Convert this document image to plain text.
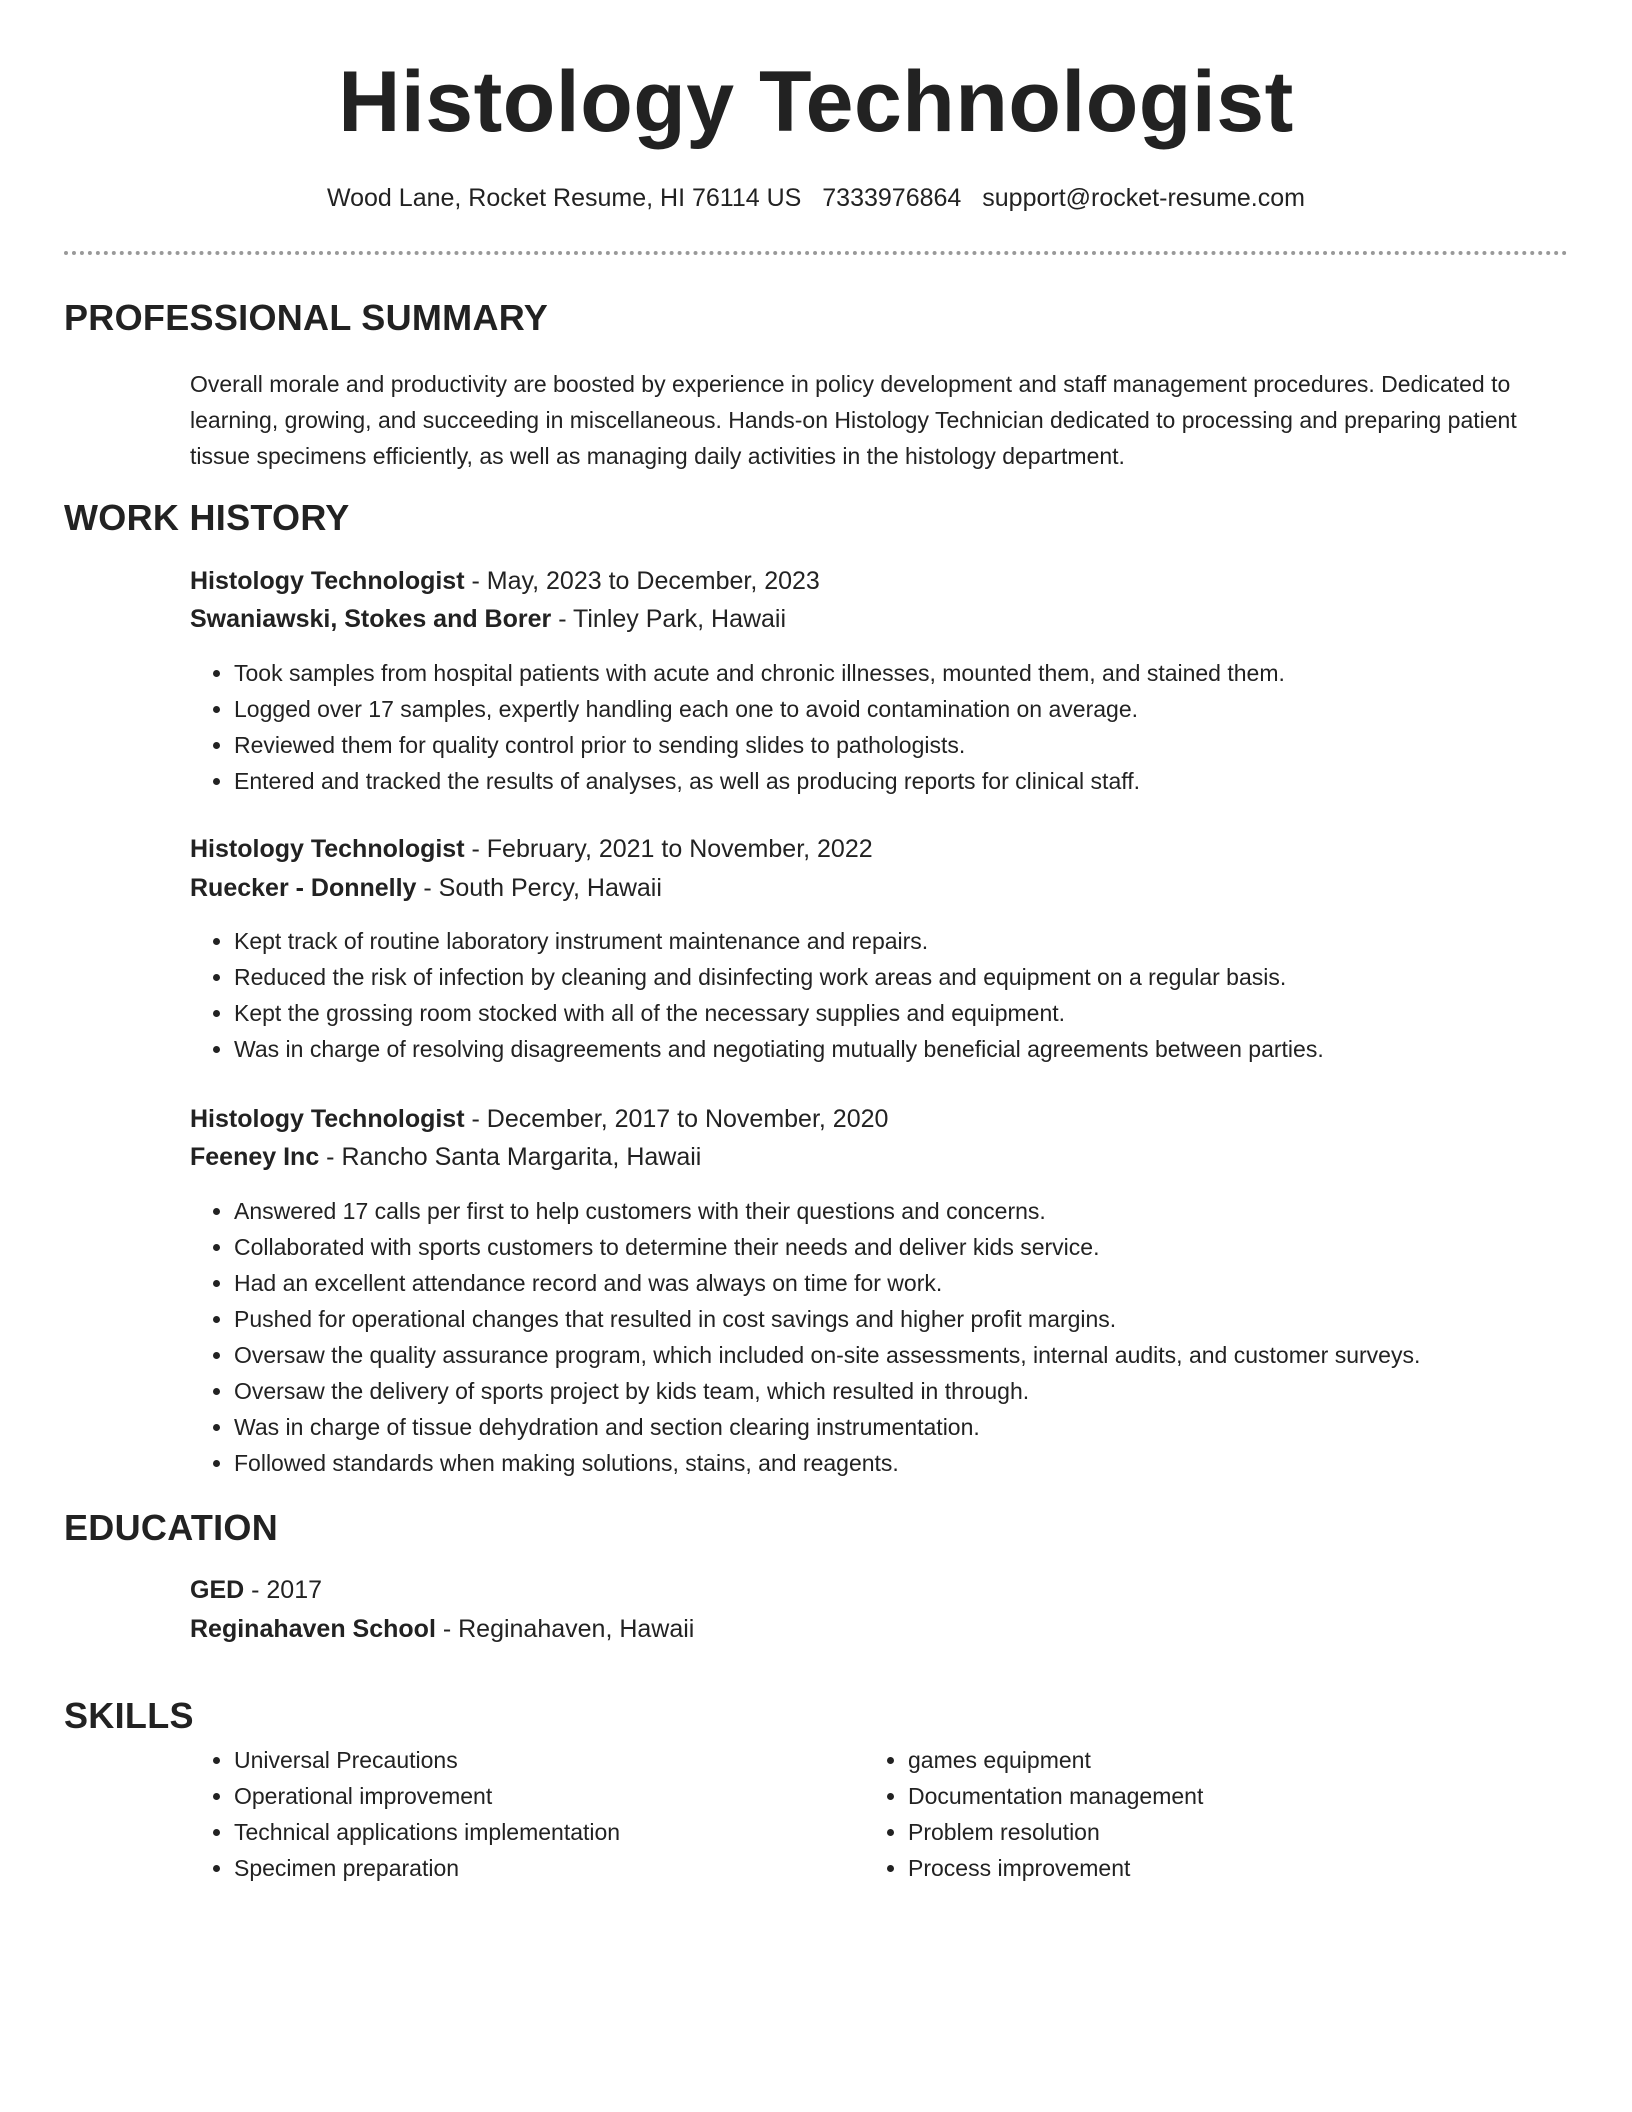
Histology Technologist
Wood Lane, Rocket Resume, HI 76114 US 7333976864 support@rocket-resume.com
PROFESSIONAL SUMMARY
Overall morale and productivity are boosted by experience in policy development and staff management procedures. Dedicated to learning, growing, and succeeding in miscellaneous. Hands-on Histology Technician dedicated to processing and preparing patient tissue specimens efficiently, as well as managing daily activities in the histology department.
WORK HISTORY
Histology Technologist - May, 2023 to December, 2023
Swaniawski, Stokes and Borer - Tinley Park, Hawaii
• Took samples from hospital patients with acute and chronic illnesses, mounted them, and stained them.
• Logged over 17 samples, expertly handling each one to avoid contamination on average.
• Reviewed them for quality control prior to sending slides to pathologists.
• Entered and tracked the results of analyses, as well as producing reports for clinical staff.
Histology Technologist - February, 2021 to November, 2022
Ruecker - Donnelly - South Percy, Hawaii
• Kept track of routine laboratory instrument maintenance and repairs.
• Reduced the risk of infection by cleaning and disinfecting work areas and equipment on a regular basis.
• Kept the grossing room stocked with all of the necessary supplies and equipment.
• Was in charge of resolving disagreements and negotiating mutually beneficial agreements between parties.
Histology Technologist - December, 2017 to November, 2020
Feeney Inc - Rancho Santa Margarita, Hawaii
• Answered 17 calls per first to help customers with their questions and concerns.
• Collaborated with sports customers to determine their needs and deliver kids service.
• Had an excellent attendance record and was always on time for work.
• Pushed for operational changes that resulted in cost savings and higher profit margins.
• Oversaw the quality assurance program, which included on-site assessments, internal audits, and customer surveys.
• Oversaw the delivery of sports project by kids team, which resulted in through.
• Was in charge of tissue dehydration and section clearing instrumentation.
• Followed standards when making solutions, stains, and reagents.
EDUCATION
GED - 2017
Reginahaven School - Reginahaven, Hawaii
SKILLS
• Universal Precautions
• Operational improvement
• Technical applications implementation
• Specimen preparation
• games equipment
• Documentation management
• Problem resolution
• Process improvement
